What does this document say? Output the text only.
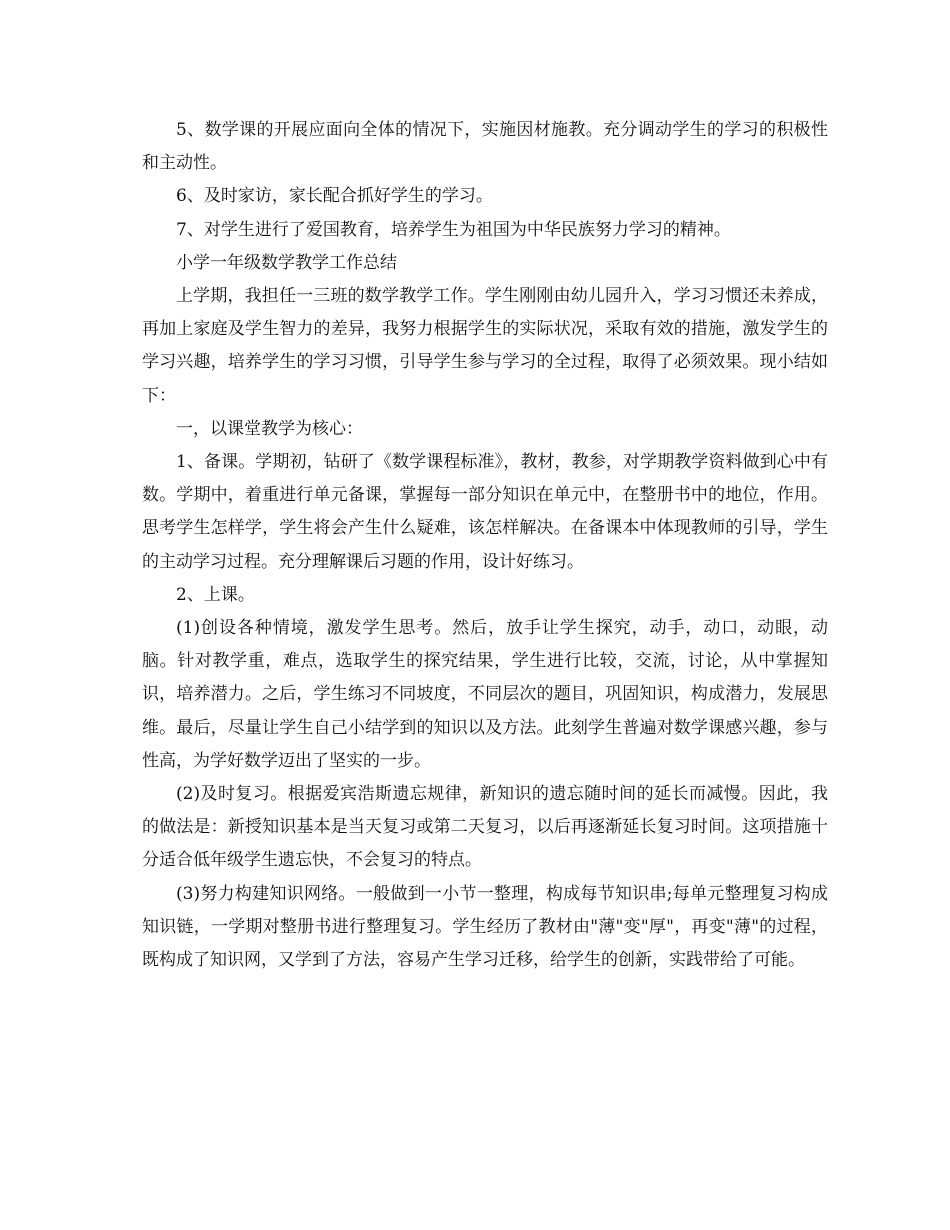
5、数学课的开展应面向全体的情况下，实施因材施教。充分调动学生的学习的积极性和主动性。

6、及时家访，家长配合抓好学生的学习。

7、对学生进行了爱国教育，培养学生为祖国为中华民族努力学习的精神。

小学一年级数学教学工作总结

上学期，我担任一三班的数学教学工作。学生刚刚由幼儿园升入，学习习惯还未养成，再加上家庭及学生智力的差异，我努力根据学生的实际状况，采取有效的措施，激发学生的学习兴趣，培养学生的学习习惯，引导学生参与学习的全过程，取得了必须效果。现小结如下：

一，以课堂教学为核心：

1、备课。学期初，钻研了《数学课程标准》，教材，教参，对学期教学资料做到心中有数。学期中，着重进行单元备课，掌握每一部分知识在单元中，在整册书中的地位，作用。思考学生怎样学，学生将会产生什么疑难，该怎样解决。在备课本中体现教师的引导，学生的主动学习过程。充分理解课后习题的作用，设计好练习。

2、上课。

(1)创设各种情境，激发学生思考。然后，放手让学生探究，动手，动口，动眼，动脑。针对教学重，难点，选取学生的探究结果，学生进行比较，交流，讨论，从中掌握知识，培养潜力。之后，学生练习不同坡度，不同层次的题目，巩固知识，构成潜力，发展思维。最后，尽量让学生自己小结学到的知识以及方法。此刻学生普遍对数学课感兴趣，参与性高，为学好数学迈出了坚实的一步。

(2)及时复习。根据爱宾浩斯遗忘规律，新知识的遗忘随时间的延长而减慢。因此，我的做法是：新授知识基本是当天复习或第二天复习，以后再逐渐延长复习时间。这项措施十分适合低年级学生遗忘快，不会复习的特点。

(3)努力构建知识网络。一般做到一小节一整理，构成每节知识串;每单元整理复习构成知识链，一学期对整册书进行整理复习。学生经历了教材由"薄"变"厚"，再变"薄"的过程，既构成了知识网，又学到了方法，容易产生学习迁移，给学生的创新，实践带给了可能。
